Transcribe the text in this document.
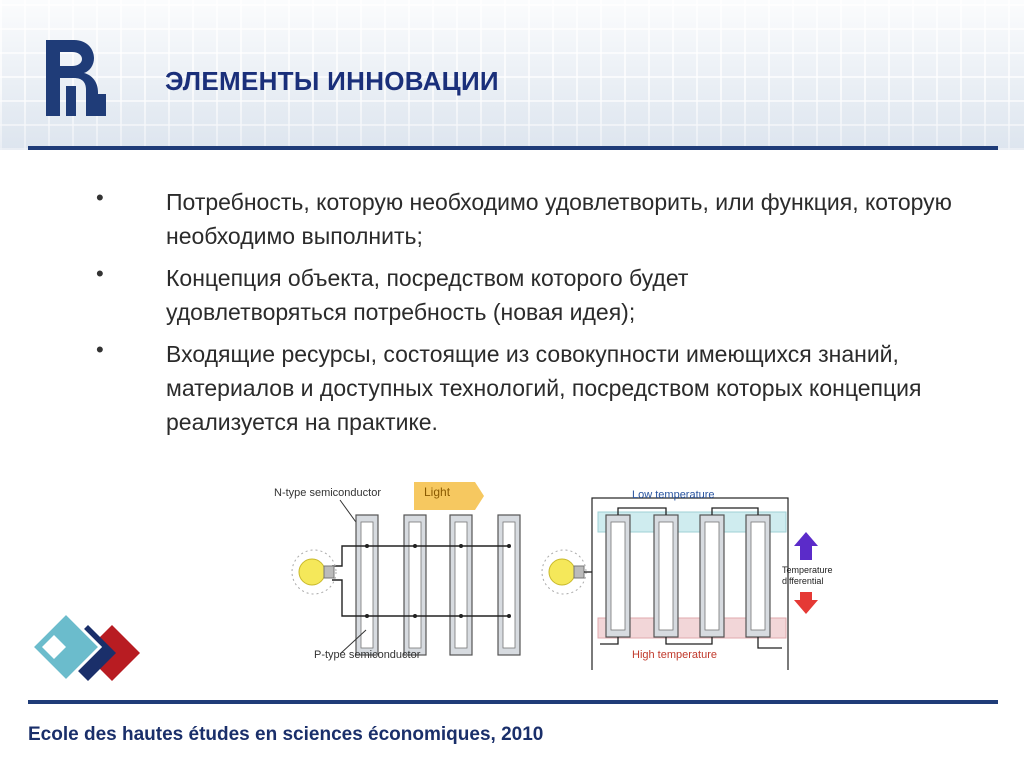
ЭЛЕМЕНТЫ ИННОВАЦИИ
•	Потребность, которую необходимо удовлетворить, или функция, которую необходимо выполнить;
•	Концепция объекта, посредством которого будет удовлетворяться потребность (новая идея);
•	Входящие ресурсы, состоящие из совокупности имеющихся знаний, материалов и доступных технологий, посредством которых концепция реализуется на практике.
Light
N-type semiconductor
P-type semiconductor
Low temperature
High temperature
Temperature
differential
Ecole des hautes études en sciences économiques, 2010
